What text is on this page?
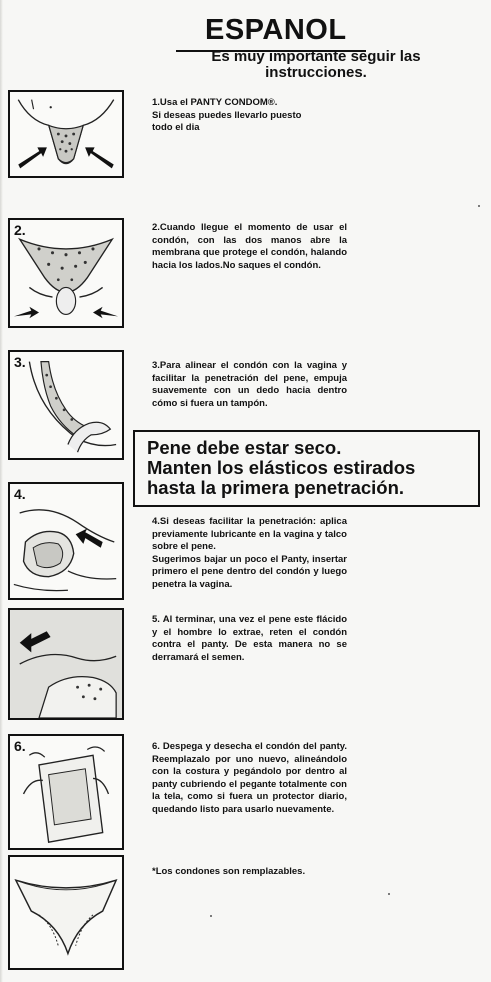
ESPANOL
Es muy importante seguir las instrucciones.
1.Usa el PANTY CONDOM®.
Si deseas puedes llevarlo puesto
todo el dia
2.	2.Cuando llegue el momento de usar el condón, con las dos manos abre la membrana que protege el condón, halando hacia los lados.No saques el condón.
3.	3.Para alinear el condón con la vagina y facilitar la penetración del pene, empuja suavemente con un dedo hacia dentro cómo si fuera un tampón.
Pene debe estar seco.
Manten los elásticos estirados
hasta la primera penetración.
4.
4.Si deseas facilitar la penetración: aplica previamente lubricante en la vagina y talco sobre el pene.
Sugerimos bajar un poco el Panty, insertar primero el pene dentro del condón y luego penetra la vagina.
5. Al terminar, una vez el pene este flácido y el hombre lo extrae, reten el condón contra el panty. De esta manera no se derramará el semen.
6.	6. Despega y desecha el condón del panty. Reemplazalo por uno nuevo, alineándolo con la costura y pegándolo por dentro al panty cubriendo el pegante totalmente con la tela, como si fuera un protector diario, quedando listo para usarlo nuevamente.
*Los condones son remplazables.
